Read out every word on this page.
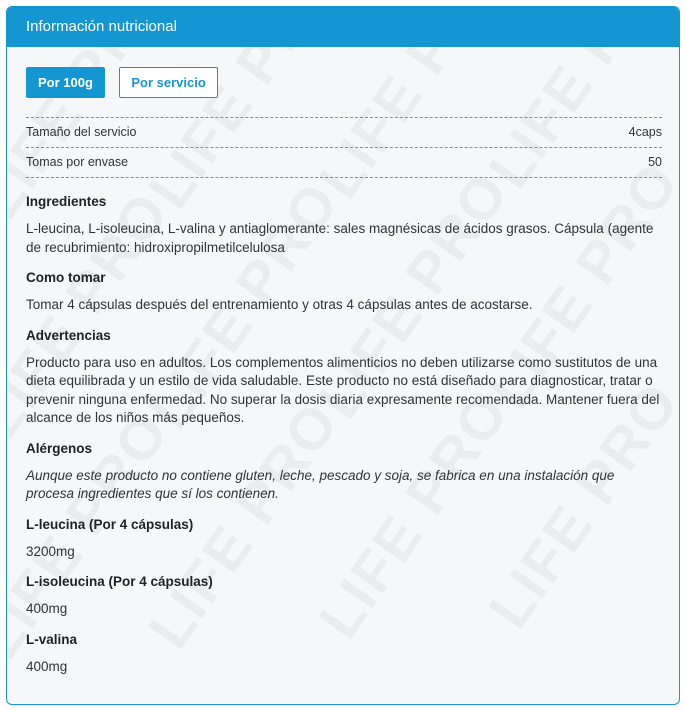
Información nutricional
Por 100g	Por servicio
Tamaño del servicio	4caps
Tomas por envase	50
Ingredientes
L-leucina, L-isoleucina, L-valina y antiaglomerante: sales magnésicas de ácidos grasos. Cápsula (agente de recubrimiento: hidroxipropilmetilcelulosa
Como tomar
Tomar 4 cápsulas después del entrenamiento y otras 4 cápsulas antes de acostarse.
Advertencias
Producto para uso en adultos. Los complementos alimenticios no deben utilizarse como sustitutos de una dieta equilibrada y un estilo de vida saludable. Este producto no está diseñado para diagnosticar, tratar o prevenir ninguna enfermedad. No superar la dosis diaria expresamente recomendada. Mantener fuera del alcance de los niños más pequeños.
Alérgenos
Aunque este producto no contiene gluten, leche, pescado y soja, se fabrica en una instalación que procesa ingredientes que sí los contienen.
L-leucina (Por 4 cápsulas)
3200mg
L-isoleucina (Por 4 cápsulas)
400mg
L-valina
400mg
